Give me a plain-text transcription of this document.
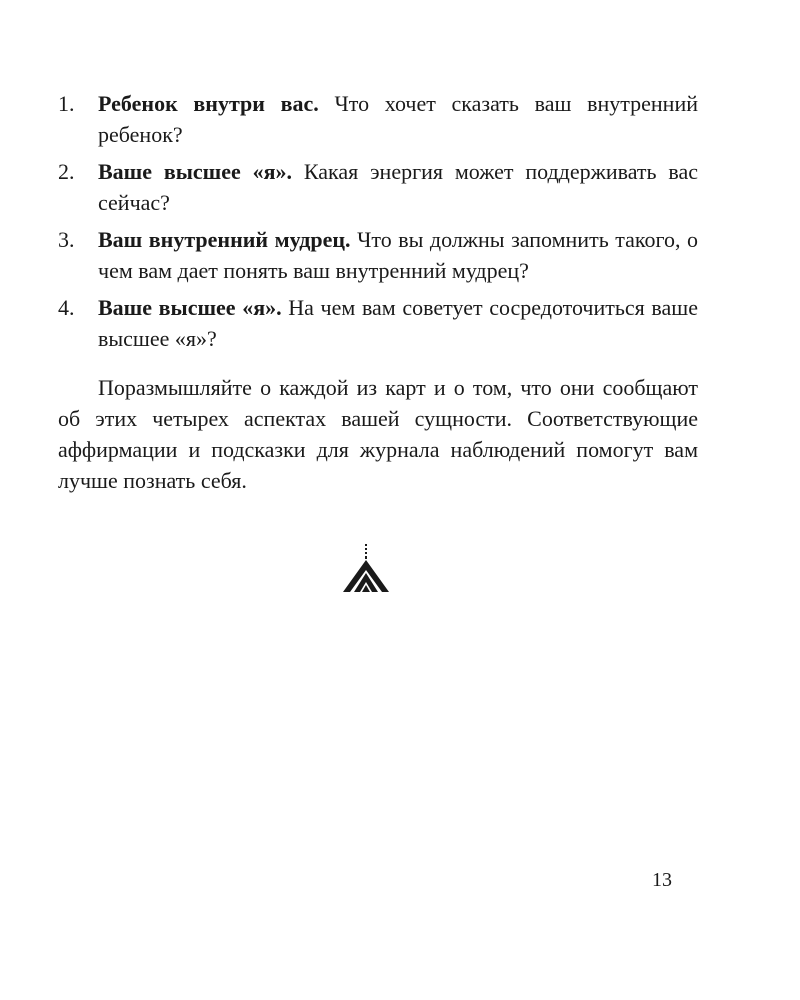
1.	Ребенок внутри вас. Что хочет сказать ваш внутренний ребенок?
2.	Ваше высшее «я». Какая энергия может поддерживать вас сейчас?
3.	Ваш внутренний мудрец. Что вы должны запомнить такого, о чем вам дает понять ваш внутренний мудрец?
4.	Ваше высшее «я». На чем вам советует сосредоточиться ваше высшее «я»?

Поразмышляйте о каждой из карт и о том, что они сообщают об этих четырех аспектах вашей сущности. Соответствующие аффирмации и подсказки для журнала наблюдений помогут вам лучше познать себя.

13
